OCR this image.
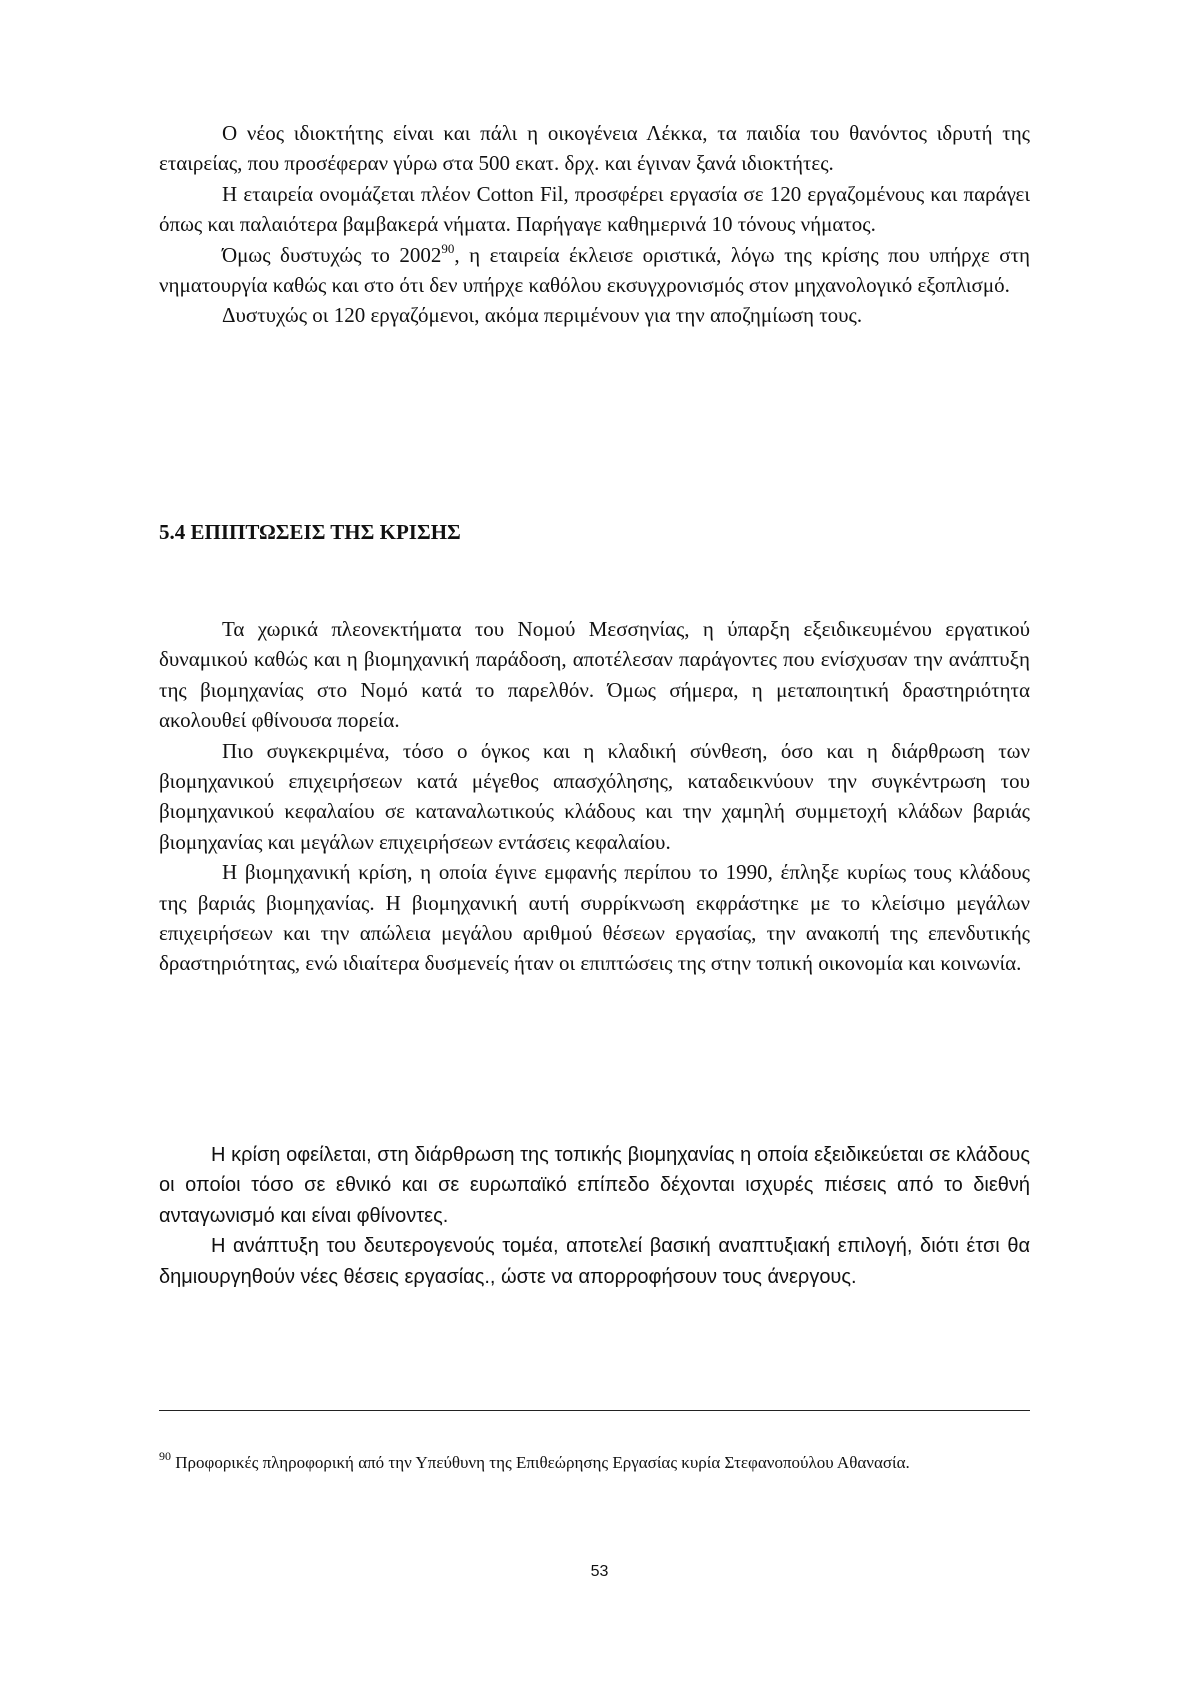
Ο νέος ιδιοκτήτης είναι και πάλι η οικογένεια Λέκκα, τα παιδία του θανόντος ιδρυτή της εταιρείας, που προσέφεραν γύρω στα 500 εκατ. δρχ. και έγιναν ξανά ιδιοκτήτες.

Η εταιρεία ονομάζεται πλέον Cotton Fil, προσφέρει εργασία σε 120 εργαζομένους και παράγει όπως και παλαιότερα βαμβακερά νήματα. Παρήγαγε καθημερινά 10 τόνους νήματος.

Όμως δυστυχώς το 2002$^{90}$, η εταιρεία έκλεισε οριστικά, λόγω της κρίσης που υπήρχε στη νηματουργία καθώς και στο ότι δεν υπήρχε καθόλου εκσυγχρονισμός στον μηχανολογικό εξοπλισμό.

Δυστυχώς οι 120 εργαζόμενοι, ακόμα περιμένουν για την αποζημίωση τους.

5.4 ΕΠΙΠΤΩΣΕΙΣ ΤΗΣ ΚΡΙΣΗΣ

Τα χωρικά πλεονεκτήματα του Νομού Μεσσηνίας, η ύπαρξη εξειδικευμένου εργατικού δυναμικού καθώς και η βιομηχανική παράδοση, αποτέλεσαν παράγοντες που ενίσχυσαν την ανάπτυξη της βιομηχανίας στο Νομό κατά το παρελθόν. Όμως σήμερα, η μεταποιητική δραστηριότητα ακολουθεί φθίνουσα πορεία.

Πιο συγκεκριμένα, τόσο ο όγκος και η κλαδική σύνθεση, όσο και η διάρθρωση των βιομηχανικού επιχειρήσεων κατά μέγεθος απασχόλησης, καταδεικνύουν την συγκέντρωση του βιομηχανικού κεφαλαίου σε καταναλωτικούς κλάδους και την χαμηλή συμμετοχή κλάδων βαριάς βιομηχανίας και μεγάλων επιχειρήσεων εντάσεις κεφαλαίου.

Η βιομηχανική κρίση, η οποία έγινε εμφανής περίπου το 1990, έπληξε κυρίως τους κλάδους της βαριάς βιομηχανίας. Η βιομηχανική αυτή συρρίκνωση εκφράστηκε με το κλείσιμο μεγάλων επιχειρήσεων και την απώλεια μεγάλου αριθμού θέσεων εργασίας, την ανακοπή της επενδυτικής δραστηριότητας, ενώ ιδιαίτερα δυσμενείς ήταν οι επιπτώσεις της στην τοπική οικονομία και κοινωνία.

Η κρίση οφείλεται, στη διάρθρωση της τοπικής βιομηχανίας η οποία εξειδικεύεται σε κλάδους οι οποίοι τόσο σε εθνικό και σε ευρωπαϊκό επίπεδο δέχονται ισχυρές πιέσεις από το διεθνή ανταγωνισμό και είναι φθίνοντες.

Η ανάπτυξη του δευτερογενούς τομέα, αποτελεί βασική αναπτυξιακή επιλογή, διότι έτσι θα δημιουργηθούν νέες θέσεις εργασίας., ώστε να απορροφήσουν τους άνεργους.

$^{90}$ Προφορικές πληροφορική από την Υπεύθυνη της Επιθεώρησης Εργασίας κυρία Στεφανοπούλου Αθανασία.

53
